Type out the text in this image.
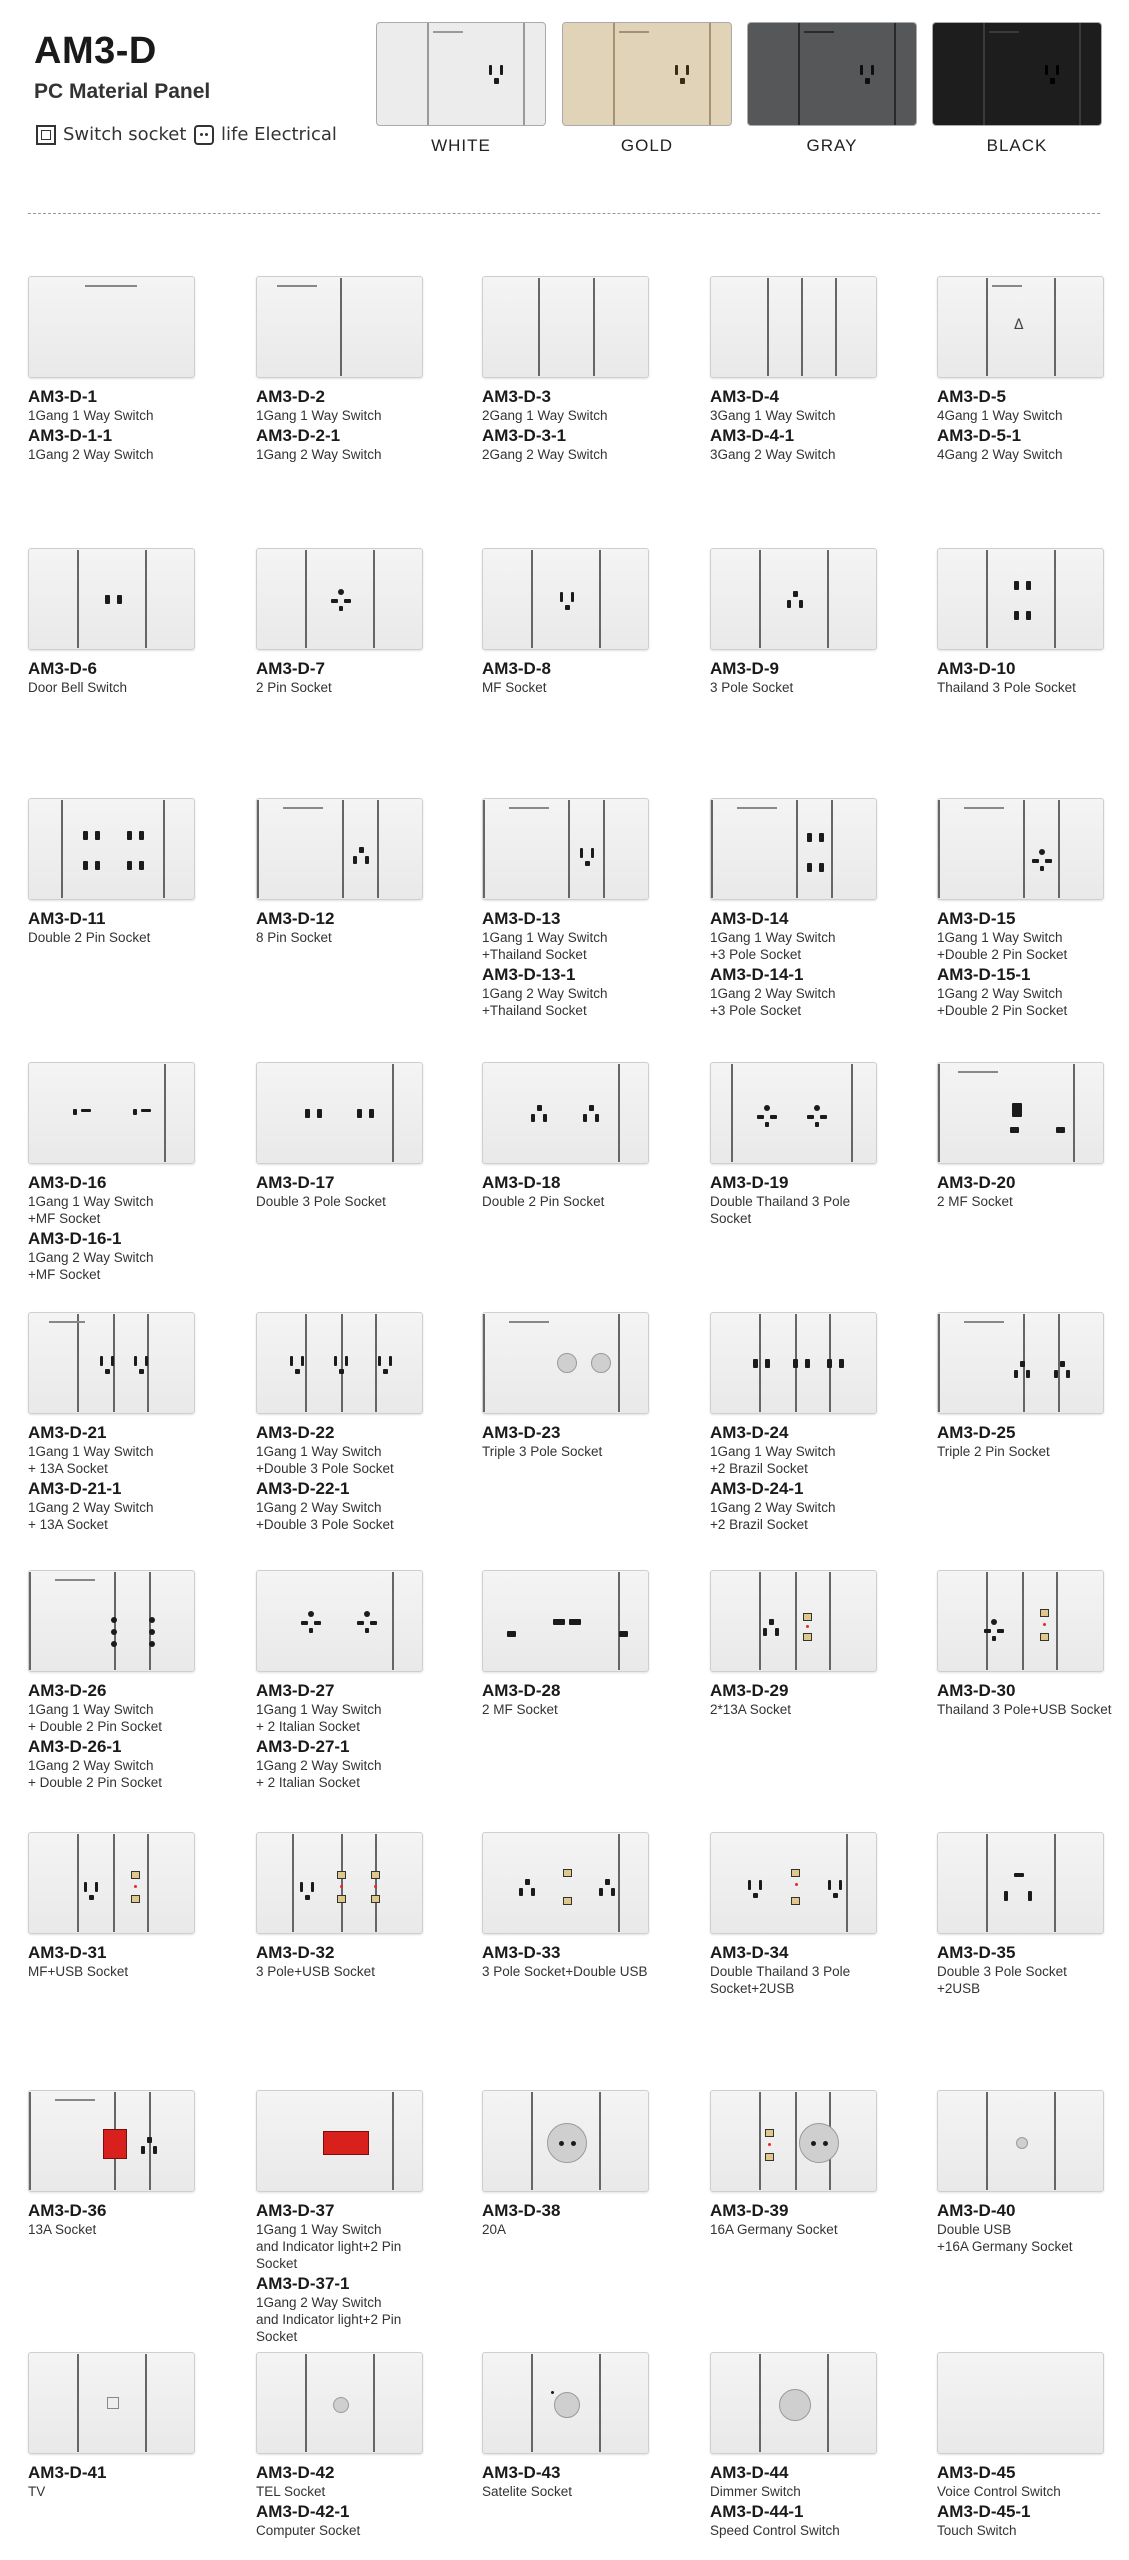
AM3-D
PC Material Panel
Switch socket life Electrical
WHITE	GOLD	GRAY	BLACK
AM3-D-1
1Gang 1 Way Switch
AM3-D-1-1
1Gang 2 Way Switch
AM3-D-2
1Gang 1 Way Switch
AM3-D-2-1
1Gang 2 Way Switch
AM3-D-3
2Gang 1 Way Switch
AM3-D-3-1
2Gang 2 Way Switch
AM3-D-4
3Gang 1 Way Switch
AM3-D-4-1
3Gang 2 Way Switch
Δ
AM3-D-5
4Gang 1 Way Switch
AM3-D-5-1
4Gang 2 Way Switch
AM3-D-6
Door Bell Switch
AM3-D-7
2 Pin Socket
AM3-D-8
MF Socket
AM3-D-9
3 Pole Socket
AM3-D-10
Thailand 3 Pole Socket
AM3-D-11
Double 2 Pin Socket
AM3-D-12
8 Pin Socket
AM3-D-13
1Gang 1 Way Switch
+Thailand Socket
AM3-D-13-1
1Gang 2 Way Switch
+Thailand Socket
AM3-D-14
1Gang 1 Way Switch
+3 Pole Socket
AM3-D-14-1
1Gang 2 Way Switch
+3 Pole Socket
AM3-D-15
1Gang 1 Way Switch
+Double 2 Pin Socket
AM3-D-15-1
1Gang 2 Way Switch
+Double 2 Pin Socket
AM3-D-16
1Gang 1 Way Switch
+MF Socket
AM3-D-16-1
1Gang 2 Way Switch
+MF Socket
AM3-D-17
Double 3 Pole Socket
AM3-D-18
Double 2 Pin Socket
AM3-D-19
Double Thailand 3 Pole
Socket
AM3-D-20
2 MF Socket
AM3-D-21
1Gang 1 Way Switch
+ 13A Socket
AM3-D-21-1
1Gang 2 Way Switch
+ 13A Socket
AM3-D-22
1Gang 1 Way Switch
+Double 3 Pole Socket
AM3-D-22-1
1Gang 2 Way Switch
+Double 3 Pole Socket
AM3-D-23
Triple 3 Pole Socket
AM3-D-24
1Gang 1 Way Switch
+2 Brazil Socket
AM3-D-24-1
1Gang 2 Way Switch
+2 Brazil Socket
AM3-D-25
Triple 2 Pin Socket
AM3-D-26
1Gang 1 Way Switch
+ Double 2 Pin Socket
AM3-D-26-1
1Gang 2 Way Switch
+ Double 2 Pin Socket
AM3-D-27
1Gang 1 Way Switch
+ 2 Italian Socket
AM3-D-27-1
1Gang 2 Way Switch
+ 2 Italian Socket
AM3-D-28
2 MF Socket
AM3-D-29
2*13A Socket
AM3-D-30
Thailand 3 Pole+USB Socket
AM3-D-31
MF+USB Socket
AM3-D-32
3 Pole+USB Socket
AM3-D-33
3 Pole Socket+Double USB
AM3-D-34
Double Thailand 3 Pole
Socket+2USB
AM3-D-35
Double 3 Pole Socket
+2USB
AM3-D-36
13A Socket
AM3-D-37
1Gang 1 Way Switch
and Indicator light+2 Pin Socket
AM3-D-37-1
1Gang 2 Way Switch
and Indicator light+2 Pin Socket
AM3-D-38
20A
AM3-D-39
16A Germany Socket
AM3-D-40
Double USB
+16A Germany Socket
AM3-D-41
TV
AM3-D-42
TEL Socket
AM3-D-42-1
Computer Socket
AM3-D-43
Satelite Socket
AM3-D-44
Dimmer Switch
AM3-D-44-1
Speed Control Switch
AM3-D-45
Voice Control Switch
AM3-D-45-1
Touch Switch
